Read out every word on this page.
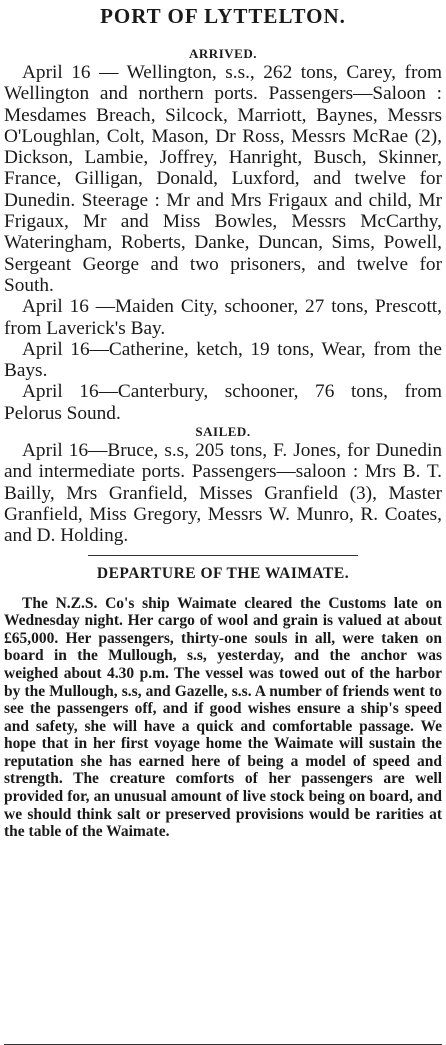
PORT OF LYTTELTON.
ARRIVED.

April 16 — Wellington, s.s., 262 tons, Carey, from Wellington and northern ports. Passengers—Saloon : Mesdames Breach, Silcock, Marriott, Baynes, Messrs O'Loughlan, Colt, Mason, Dr Ross, Messrs McRae (2), Dickson, Lambie, Joffrey, Hanright, Busch, Skinner, France, Gilligan, Donald, Luxford, and twelve for Dunedin. Steerage : Mr and Mrs Frigaux and child, Mr Frigaux, Mr and Miss Bowles, Messrs McCarthy, Wateringham, Roberts, Danke, Duncan, Sims, Powell, Sergeant George and two prisoners, and twelve for South.

April 16 —Maiden City, schooner, 27 tons, Prescott, from Laverick's Bay.

April 16—Catherine, ketch, 19 tons, Wear, from the Bays.

April 16—Canterbury, schooner, 76 tons, from Pelorus Sound.

SAILED.

April 16—Bruce, s.s, 205 tons, F. Jones, for Dunedin and intermediate ports. Passengers—saloon : Mrs B. T. Bailly, Mrs Granfield, Misses Granfield (3), Master Granfield, Miss Gregory, Messrs W. Munro, R. Coates, and D. Holding.

DEPARTURE OF THE WAIMATE.

The N.Z.S. Co's ship Waimate cleared the Customs late on Wednesday night. Her cargo of wool and grain is valued at about £65,000. Her passengers, thirty-one souls in all, were taken on board in the Mullough, s.s, yesterday, and the anchor was weighed about 4.30 p.m. The vessel was towed out of the harbor by the Mullough, s.s, and Gazelle, s.s. A number of friends went to see the passengers off, and if good wishes ensure a ship's speed and safety, she will have a quick and comfortable passage. We hope that in her first voyage home the Waimate will sustain the reputation she has earned here of being a model of speed and strength. The creature comforts of her passengers are well provided for, an unusual amount of live stock being on board, and we should think salt or preserved provisions would be rarities at the table of the Waimate.
